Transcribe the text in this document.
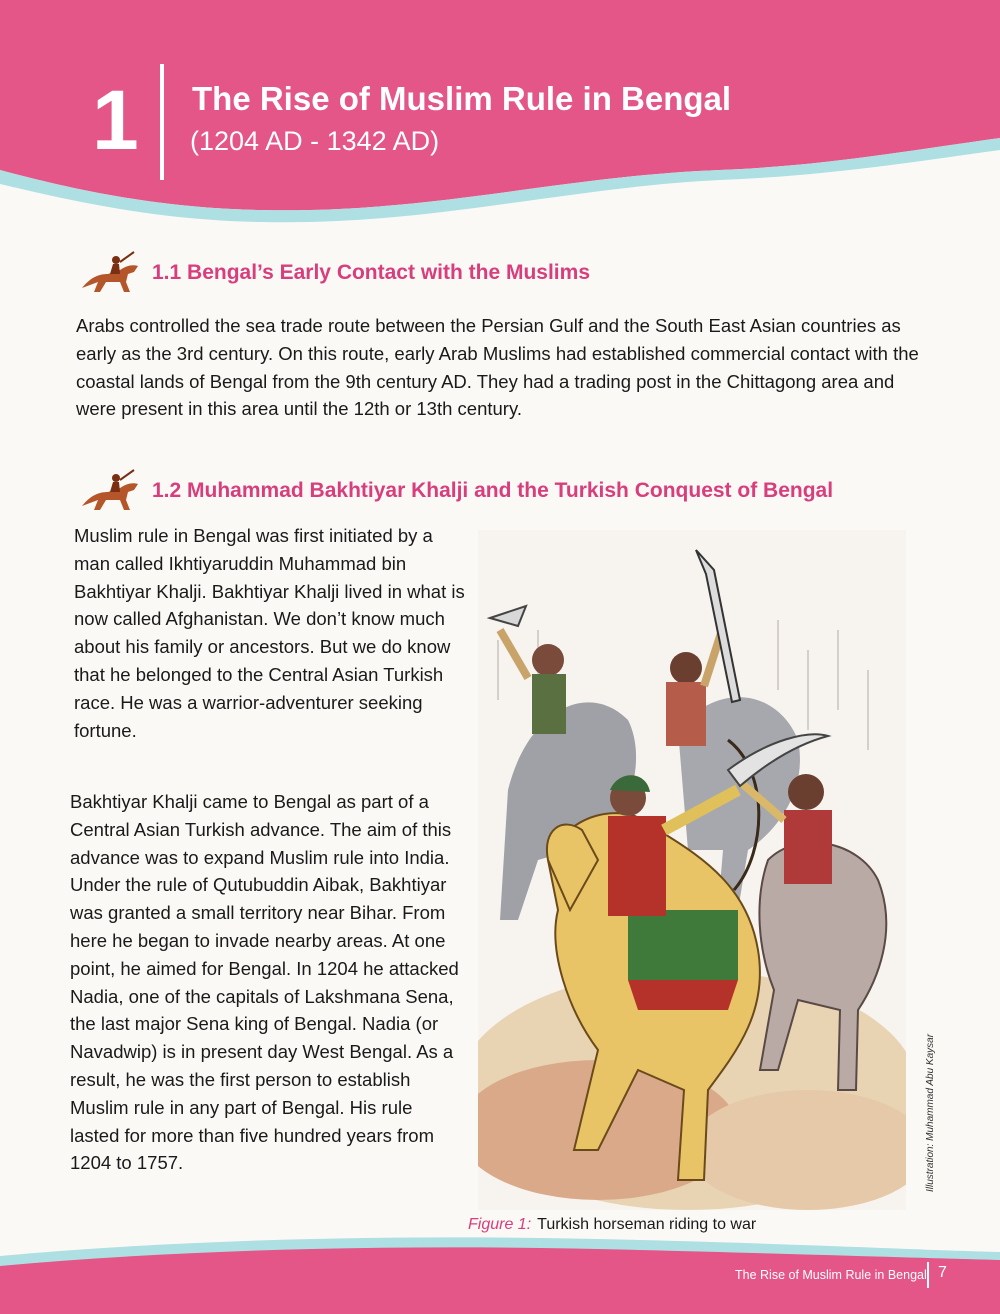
1 The Rise of Muslim Rule in Bengal
(1204 AD - 1342 AD)
1.1 Bengal’s Early Contact with the Muslims

Arabs controlled the sea trade route between the Persian Gulf and the South East Asian countries as early as the 3rd century. On this route, early Arab Muslims had established commercial contact with the coastal lands of Bengal from the 9th century AD. They had a trading post in the Chittagong area and were present in this area until the 12th or 13th century.

1.2 Muhammad Bakhtiyar Khalji and the Turkish Conquest of Bengal

Muslim rule in Bengal was first initiated by a man called Ikhtiyaruddin Muhammad bin Bakhtiyar Khalji. Bakhtiyar Khalji lived in what is now called Afghanistan. We don’t know much about his family or ancestors. But we do know that he belonged to the Central Asian Turkish race. He was a warrior-adventurer seeking fortune.

Bakhtiyar Khalji came to Bengal as part of a Central Asian Turkish advance. The aim of this advance was to expand Muslim rule into India. Under the rule of Qutubuddin Aibak, Bakhtiyar was granted a small territory near Bihar. From here he began to invade nearby areas. At one point, he aimed for Bengal. In 1204 he attacked Nadia, one of the capitals of Lakshmana Sena, the last major Sena king of Bengal. Nadia (or Navadwip) is in present day West Bengal. As a result, he was the first person to establish Muslim rule in any part of Bengal. His rule lasted for more than five hundred years from 1204 to 1757.

Figure 1: Turkish horseman riding to war
Illustration: Muhammad Abu Kaysar
The Rise of Muslim Rule in Bengal 7
